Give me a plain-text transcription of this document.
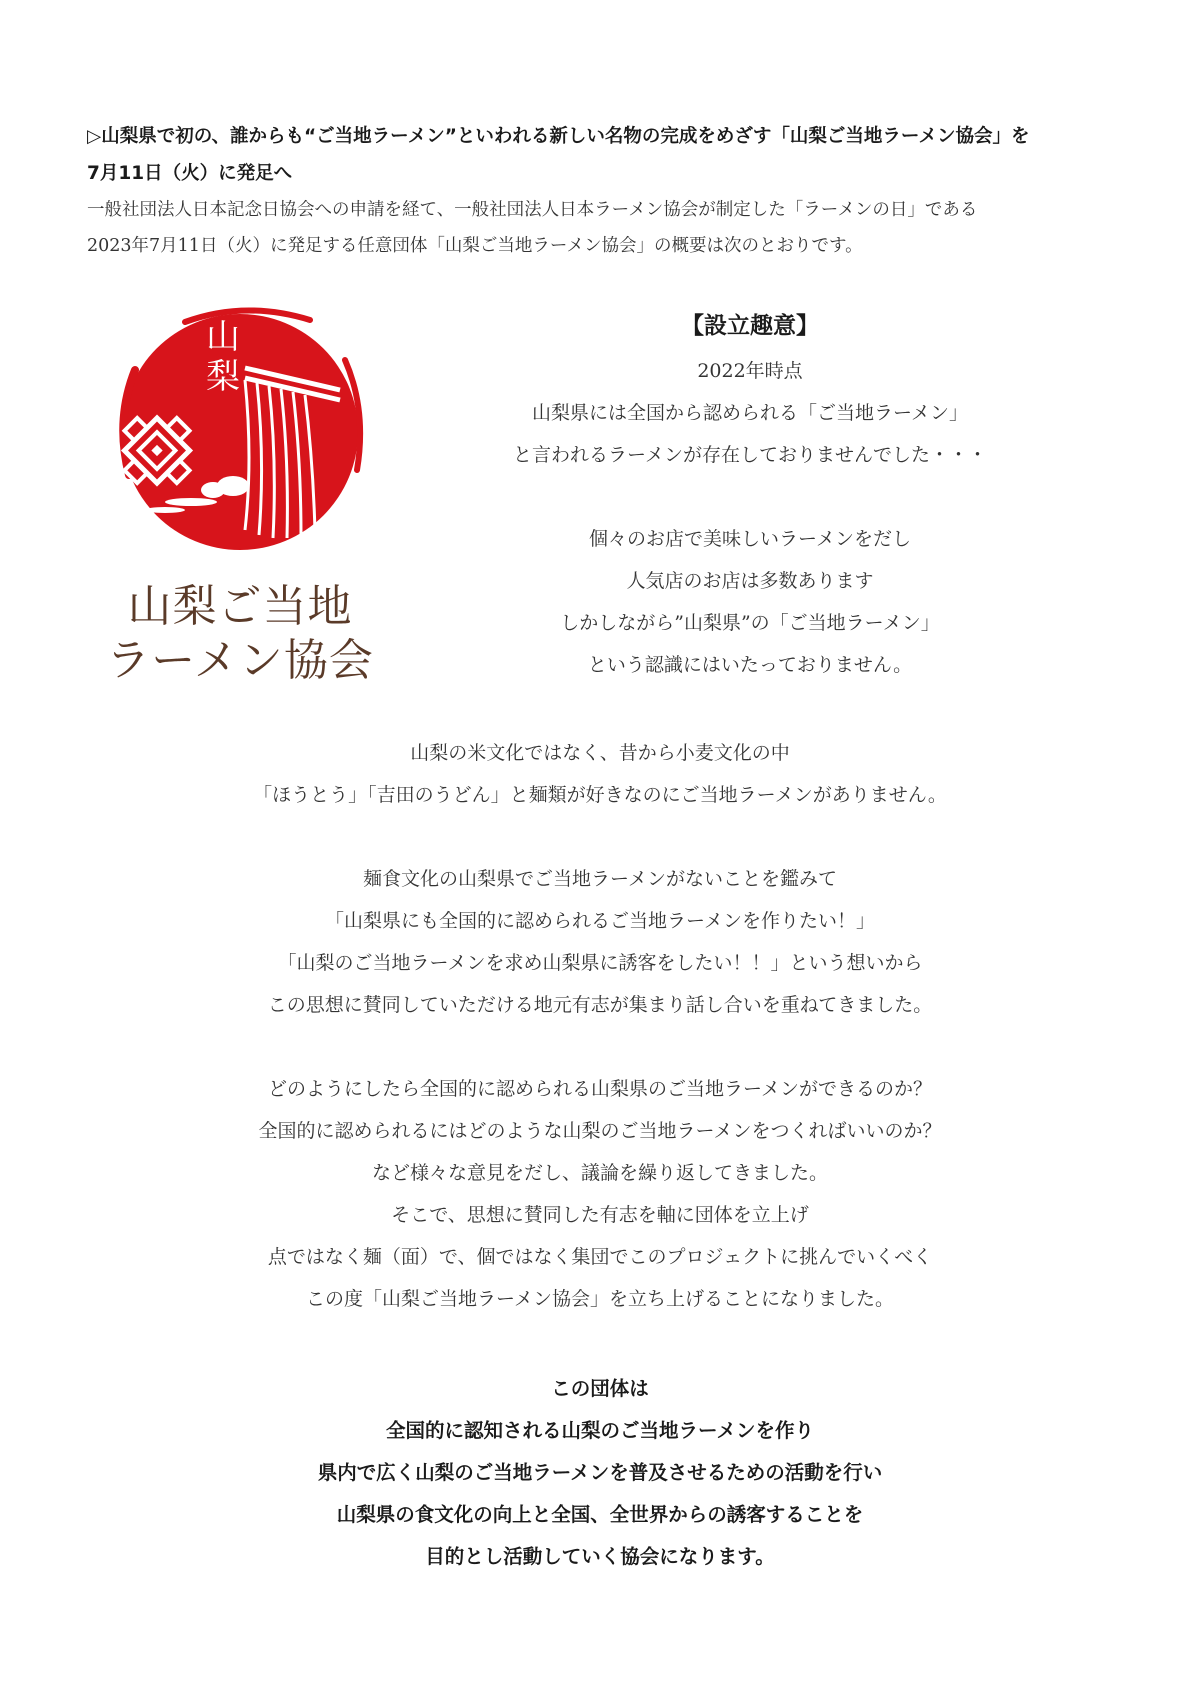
▷山梨県で初の、誰からも“ご当地ラーメン”といわれる新しい名物の完成をめざす「山梨ご当地ラーメン協会」を

7月11日（火）に発足へ

一般社団法人日本記念日協会への申請を経て、一般社団法人日本ラーメン協会が制定した「ラーメンの日」である

2023年7月11日（火）に発足する任意団体「山梨ご当地ラーメン協会」の概要は次のとおりです。

山
梨
山梨ご当地
ラーメン協会

【設立趣意】

2022年時点
山梨県には全国から認められる「ご当地ラーメン」
と言われるラーメンが存在しておりませんでした・・・
個々のお店で美味しいラーメンをだし
人気店のお店は多数あります
しかしながら”山梨県”の「ご当地ラーメン」
という認識にはいたっておりません。
山梨の米文化ではなく、昔から小麦文化の中
「ほうとう」「吉田のうどん」と麺類が好きなのにご当地ラーメンがありません。
麺食文化の山梨県でご当地ラーメンがないことを鑑みて
「山梨県にも全国的に認められるご当地ラーメンを作りたい！」
「山梨のご当地ラーメンを求め山梨県に誘客をしたい！！」という想いから
この思想に賛同していただける地元有志が集まり話し合いを重ねてきました。
どのようにしたら全国的に認められる山梨県のご当地ラーメンができるのか？
全国的に認められるにはどのような山梨のご当地ラーメンをつくればいいのか？
など様々な意見をだし、議論を繰り返してきました。
そこで、思想に賛同した有志を軸に団体を立上げ
点ではなく麺（面）で、個ではなく集団でこのプロジェクトに挑んでいくべく
この度「山梨ご当地ラーメン協会」を立ち上げることになりました。
この団体は
全国的に認知される山梨のご当地ラーメンを作り
県内で広く山梨のご当地ラーメンを普及させるための活動を行い
山梨県の食文化の向上と全国、全世界からの誘客することを
目的とし活動していく協会になります。
